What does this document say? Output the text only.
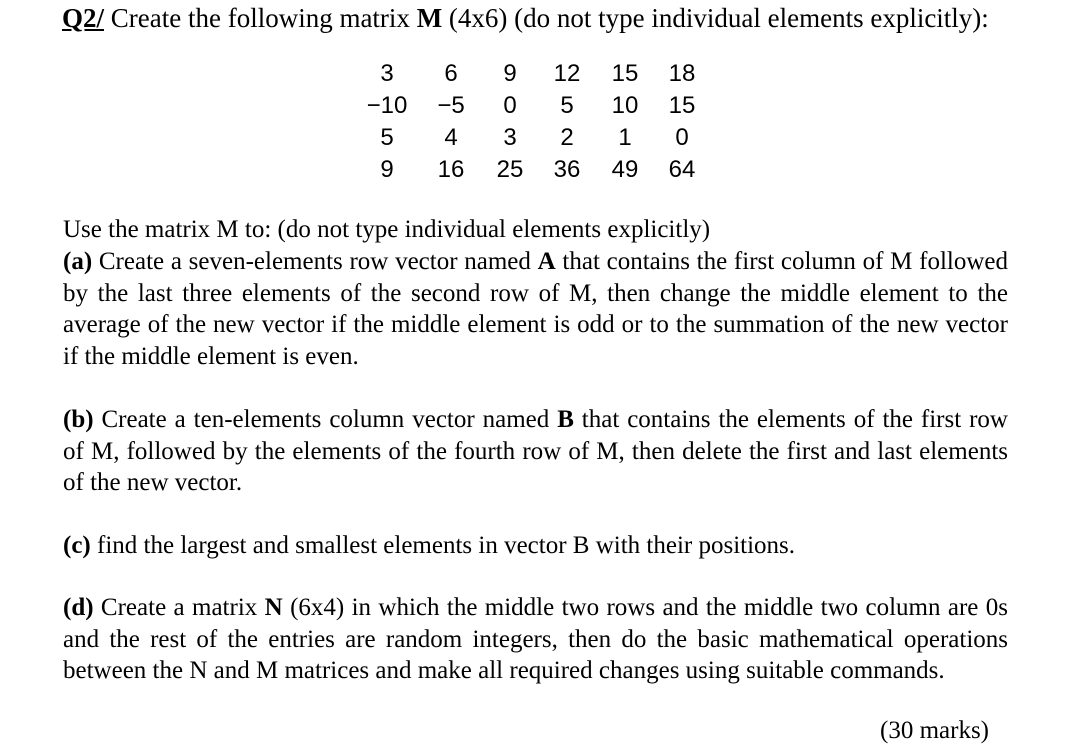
Q2/ Create the following matrix M (4x6) (do not type individual elements explicitly):
3	6	9	12	15	18
−10	−5	0	5	10	15
5	4	3	2	1	0
9	16	25	36	49	64
Use the matrix M to: (do not type individual elements explicitly)
(a) Create a seven-elements row vector named A that contains the first column of M followed by the last three elements of the second row of M, then change the middle element to the average of the new vector if the middle element is odd or to the summation of the new vector if the middle element is even.
(b) Create a ten-elements column vector named B that contains the elements of the first row of M, followed by the elements of the fourth row of M, then delete the first and last elements of the new vector.
(c) find the largest and smallest elements in vector B with their positions.
(d) Create a matrix N (6x4) in which the middle two rows and the middle two column are 0s and the rest of the entries are random integers, then do the basic mathematical operations between the N and M matrices and make all required changes using suitable commands.
(30 marks)
